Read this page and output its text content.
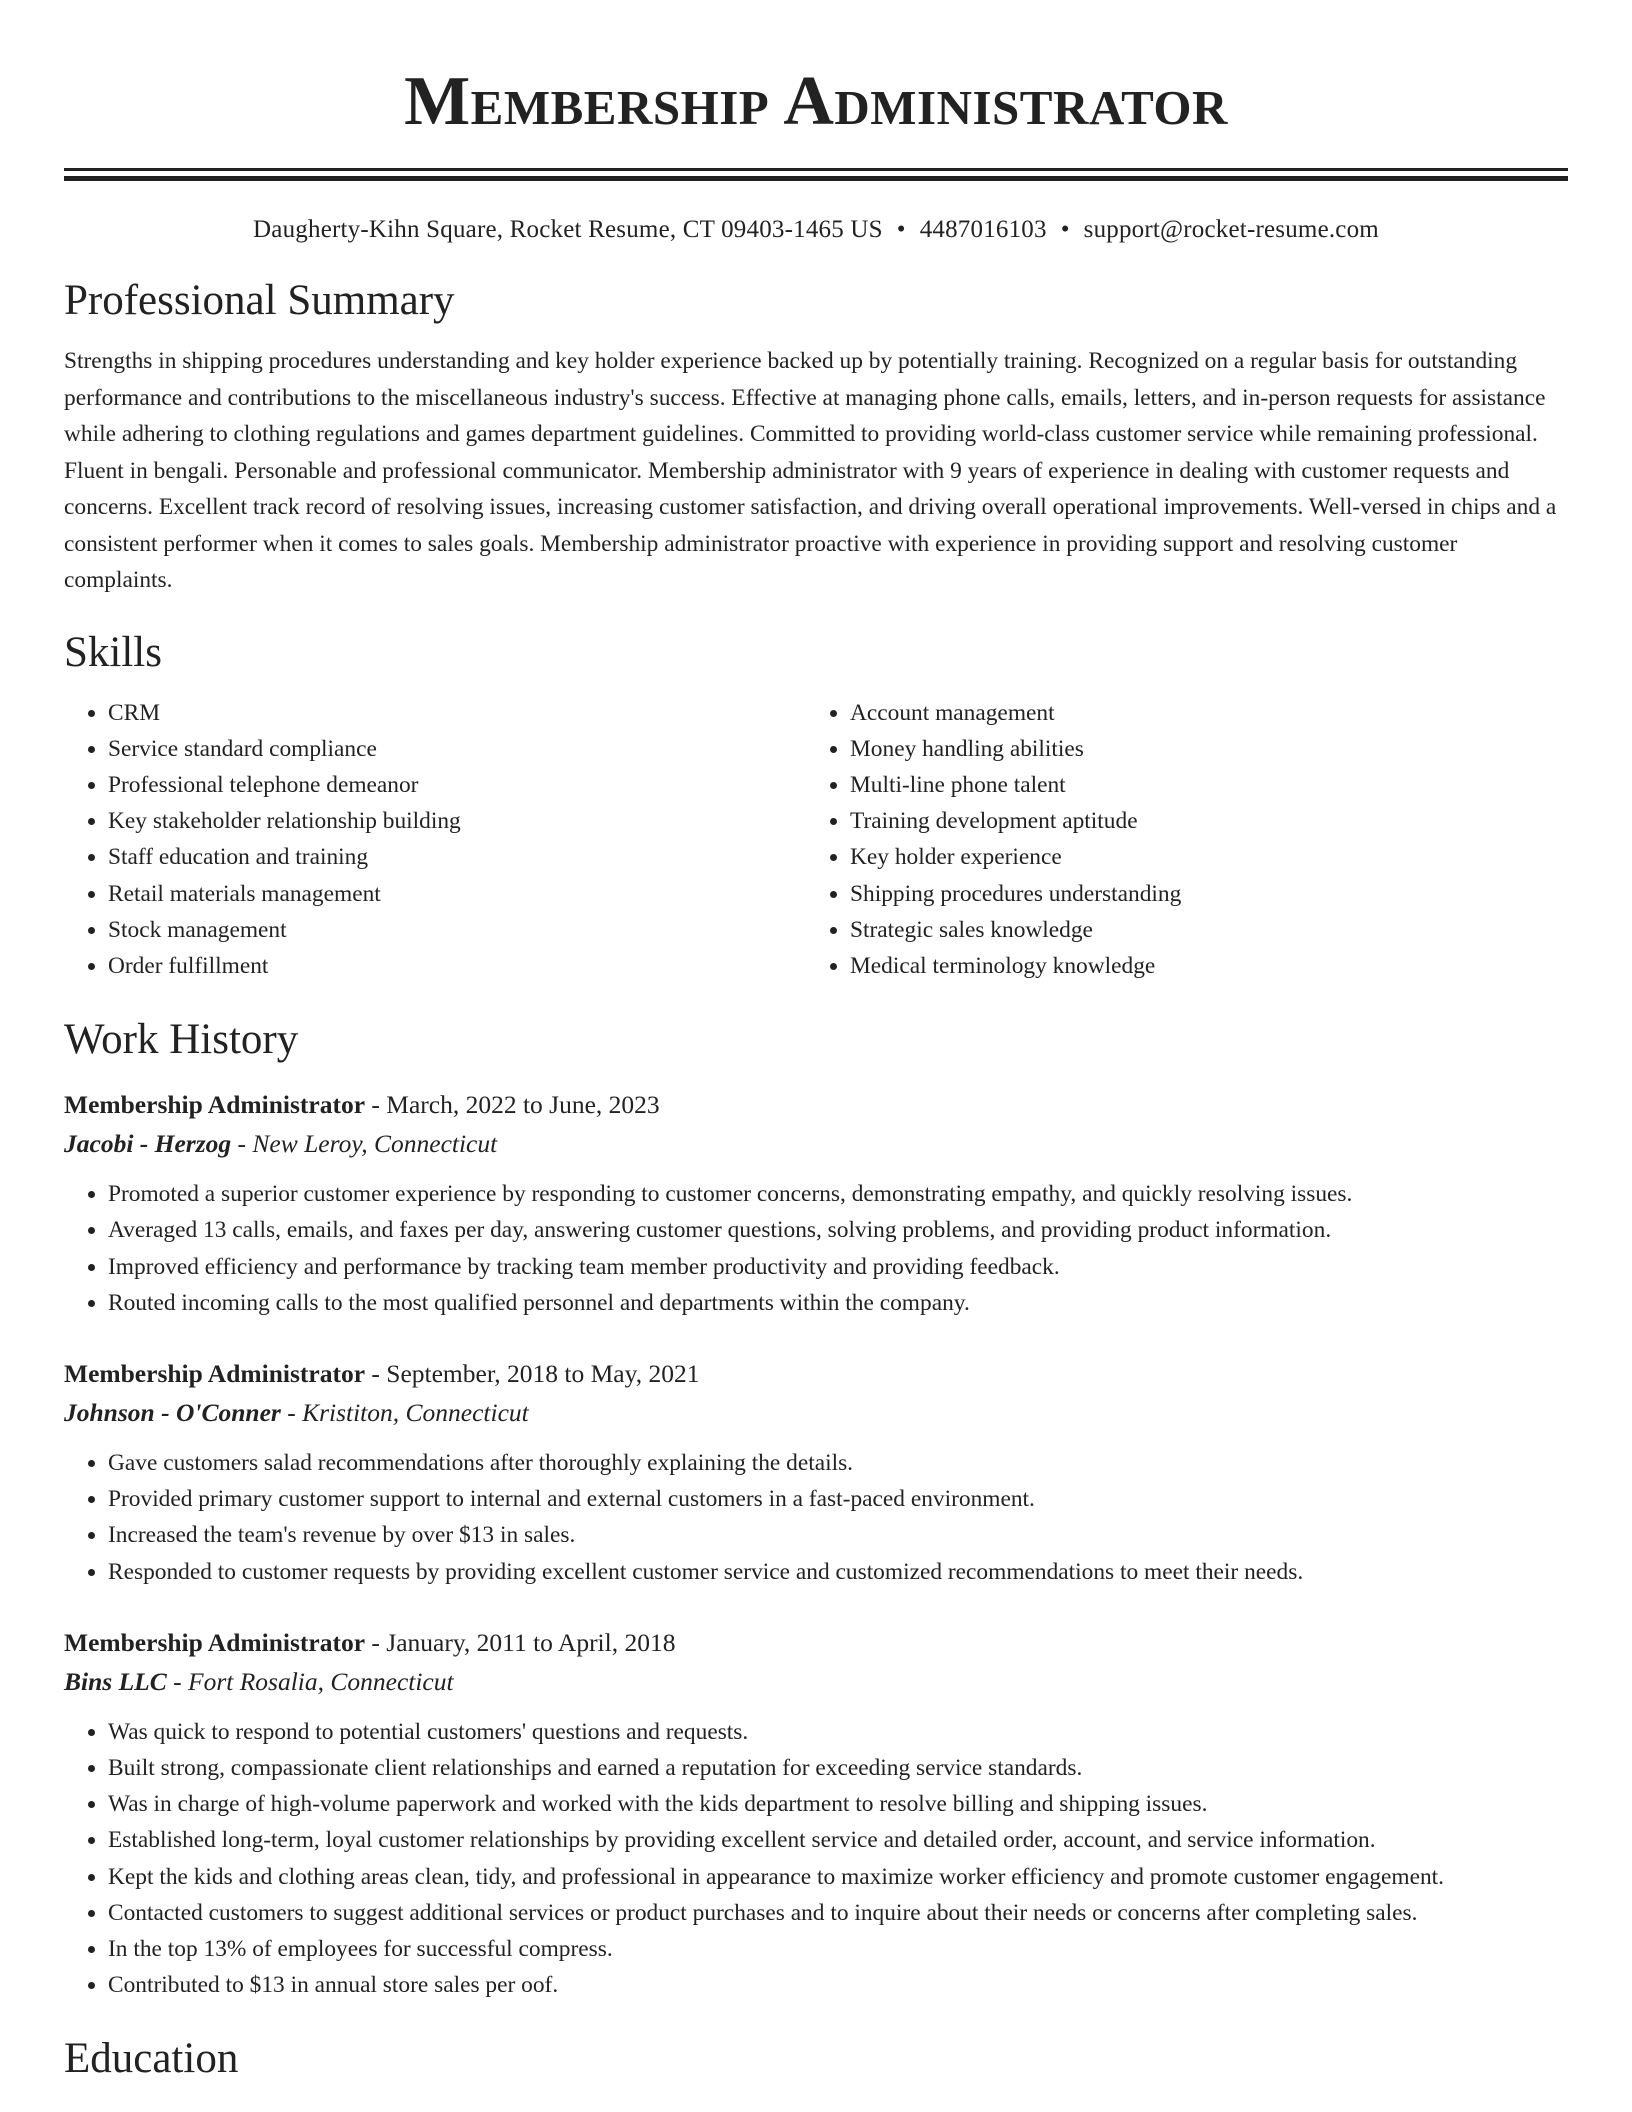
Membership Administrator
Daugherty-Kihn Square, Rocket Resume, CT 09403-1465 US • 4487016103 • support@rocket-resume.com
Professional Summary

Strengths in shipping procedures understanding and key holder experience backed up by potentially training. Recognized on a regular basis for outstanding performance and contributions to the miscellaneous industry's success. Effective at managing phone calls, emails, letters, and in-person requests for assistance while adhering to clothing regulations and games department guidelines. Committed to providing world-class customer service while remaining professional. Fluent in bengali. Personable and professional communicator. Membership administrator with 9 years of experience in dealing with customer requests and concerns. Excellent track record of resolving issues, increasing customer satisfaction, and driving overall operational improvements. Well-versed in chips and a consistent performer when it comes to sales goals. Membership administrator proactive with experience in providing support and resolving customer complaints.

Skills
• CRM
• Service standard compliance
• Professional telephone demeanor
• Key stakeholder relationship building
• Staff education and training
• Retail materials management
• Stock management
• Order fulfillment
• Account management
• Money handling abilities
• Multi-line phone talent
• Training development aptitude
• Key holder experience
• Shipping procedures understanding
• Strategic sales knowledge
• Medical terminology knowledge
Work History
Membership Administrator - March, 2022 to June, 2023
Jacobi - Herzog - New Leroy, Connecticut
• Promoted a superior customer experience by responding to customer concerns, demonstrating empathy, and quickly resolving issues.
• Averaged 13 calls, emails, and faxes per day, answering customer questions, solving problems, and providing product information.
• Improved efficiency and performance by tracking team member productivity and providing feedback.
• Routed incoming calls to the most qualified personnel and departments within the company.
Membership Administrator - September, 2018 to May, 2021
Johnson - O'Conner - Kristiton, Connecticut
• Gave customers salad recommendations after thoroughly explaining the details.
• Provided primary customer support to internal and external customers in a fast-paced environment.
• Increased the team's revenue by over $13 in sales.
• Responded to customer requests by providing excellent customer service and customized recommendations to meet their needs.
Membership Administrator - January, 2011 to April, 2018
Bins LLC - Fort Rosalia, Connecticut
• Was quick to respond to potential customers' questions and requests.
• Built strong, compassionate client relationships and earned a reputation for exceeding service standards.
• Was in charge of high-volume paperwork and worked with the kids department to resolve billing and shipping issues.
• Established long-term, loyal customer relationships by providing excellent service and detailed order, account, and service information.
• Kept the kids and clothing areas clean, tidy, and professional in appearance to maximize worker efficiency and promote customer engagement.
• Contacted customers to suggest additional services or product purchases and to inquire about their needs or concerns after completing sales.
• In the top 13% of employees for successful compress.
• Contributed to $13 in annual store sales per oof.
Education
